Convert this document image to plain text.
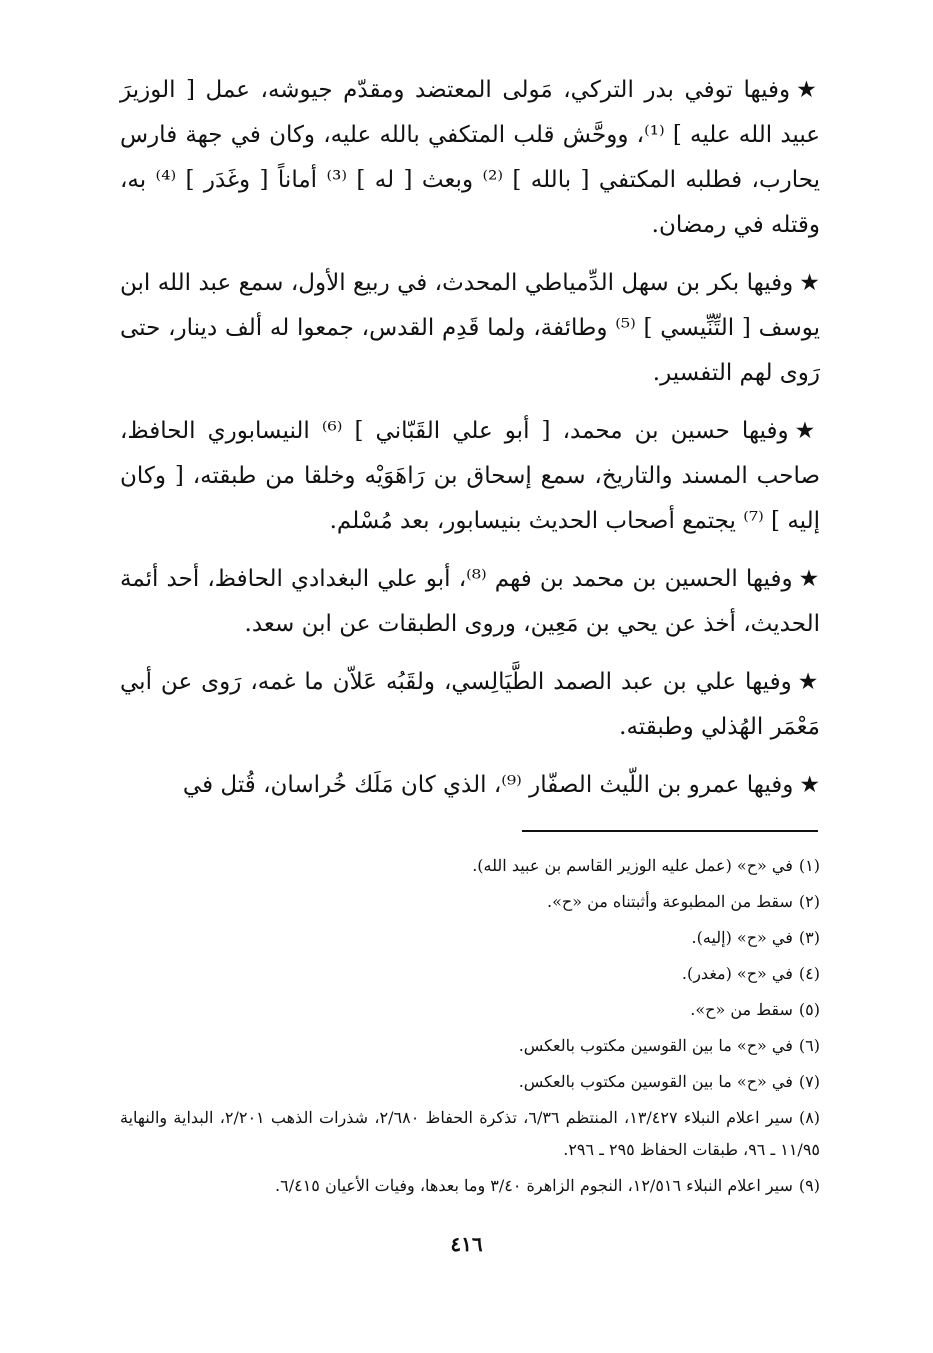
★وفيها توفي بدر التركي، مَولى المعتضد ومقدّم جيوشه، عمل [ الوزيرَ عبيد الله عليه ] ⁽¹⁾، ووحَّش قلب المتكفي بالله عليه، وكان في جهة فارس يحارب، فطلبه المكتفي [ بالله ] ⁽²⁾ وبعث [ له ] ⁽³⁾ أماناً [ وغَدَر ] ⁽⁴⁾ به، وقتله في رمضان.

★وفيها بكر بن سهل الدِّمياطي المحدث، في ربيع الأول، سمع عبد الله ابن يوسف [ التِّنِّيسي ] ⁽⁵⁾ وطائفة، ولما قَدِم القدس، جمعوا له ألف دينار، حتى رَوى لهم التفسير.

★وفيها حسين بن محمد، [ أبو علي القَبّاني ] ⁽⁶⁾ النيسابوري الحافظ، صاحب المسند والتاريخ، سمع إسحاق بن رَاهَوَيْه وخلقا من طبقته، [ وكان إليه ] ⁽⁷⁾ يجتمع أصحاب الحديث بنيسابور، بعد مُسْلم.

★وفيها الحسين بن محمد بن فهم ⁽⁸⁾، أبو علي البغدادي الحافظ، أحد أئمة الحديث، أخذ عن يحي بن مَعِين، وروى الطبقات عن ابن سعد.

★وفيها علي بن عبد الصمد الطَّيَالِسي، ولقَبُه عَلاّن ما غمه، رَوى عن أبي مَعْمَر الهُذلي وطبقته.

★وفيها عمرو بن اللّيث الصفّار ⁽⁹⁾، الذي كان مَلَك خُراسان، قُتل في

(١)في «ح» (عمل عليه الوزير القاسم بن عبيد الله).

(٢)سقط من المطبوعة وأثبتناه من «ح».

(٣)في «ح» (إليه).

(٤)في «ح» (مغدر).

(٥)سقط من «ح».

(٦)في «ح» ما بين القوسين مكتوب بالعكس.

(٧)في «ح» ما بين القوسين مكتوب بالعكس.

(٨)سير اعلام النبلاء ١٣/٤٢٧، المنتظم ٦/٣٦، تذكرة الحفاظ ٢/٦٨٠، شذرات الذهب ٢/٢٠١، البداية والنهاية ١١/٩٥ ـ ٩٦، طبقات الحفاظ ٢٩٥ ـ ٢٩٦.

(٩)سير اعلام النبلاء ١٢/٥١٦، النجوم الزاهرة ٣/٤٠ وما بعدها، وفيات الأعيان ٦/٤١٥.

٤١٦
